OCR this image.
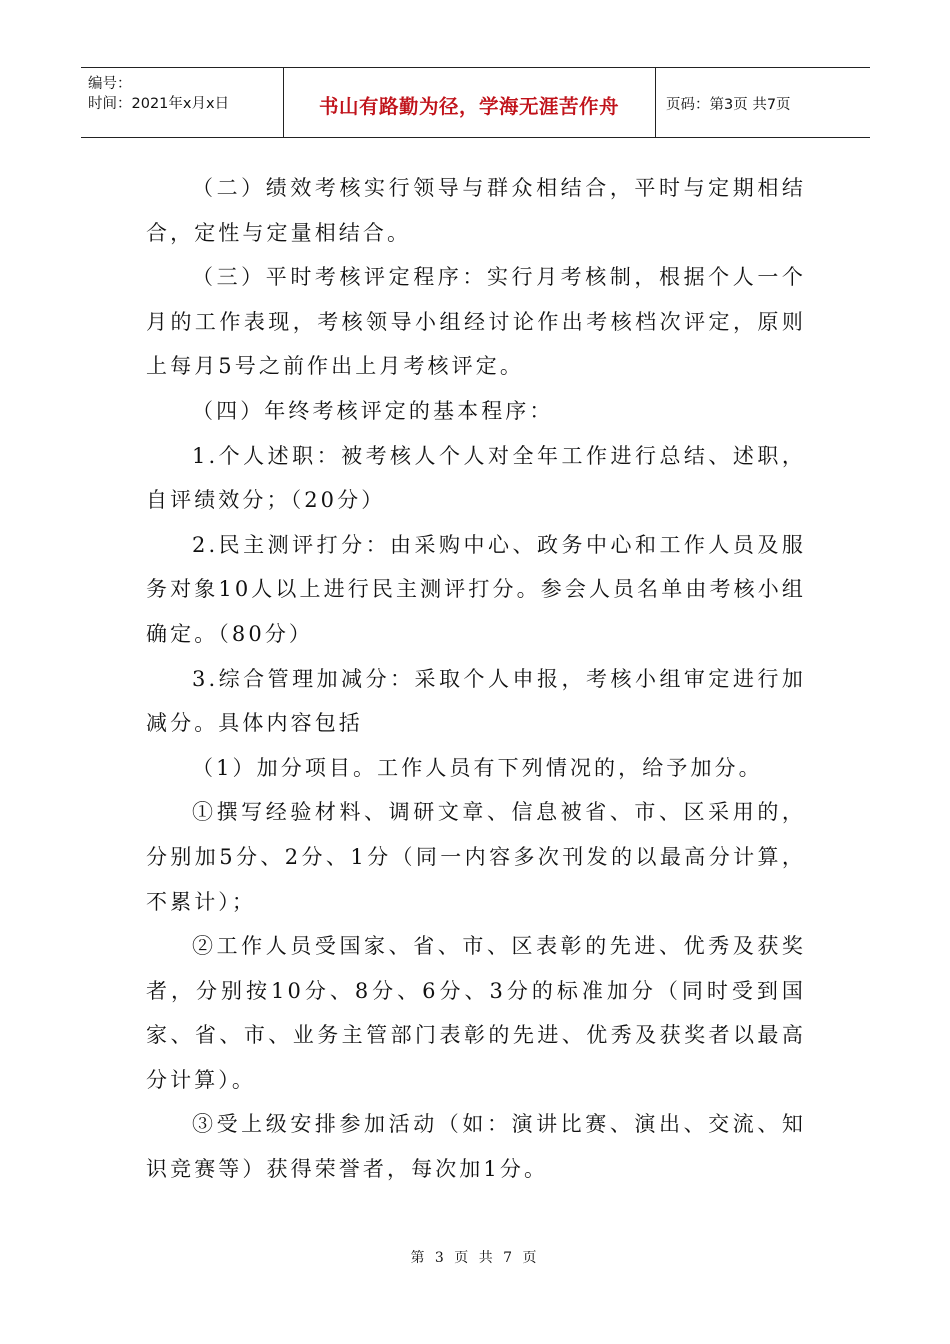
编号：
时间：2021年x月x日	书山有路勤为径，学海无涯苦作舟	页码：第3页 共7页

（二）绩效考核实行领导与群众相结合，平时与定期相结合，定性与定量相结合。

（三）平时考核评定程序：实行月考核制，根据个人一个月的工作表现，考核领导小组经讨论作出考核档次评定，原则上每月5号之前作出上月考核评定。

（四）年终考核评定的基本程序：

1.个人述职：被考核人个人对全年工作进行总结、述职，自评绩效分；（20分）

2.民主测评打分：由采购中心、政务中心和工作人员及服务对象10人以上进行民主测评打分。参会人员名单由考核小组确定。（80分）

3.综合管理加减分：采取个人申报，考核小组审定进行加减分。具体内容包括

（1）加分项目。工作人员有下列情况的，给予加分。

①撰写经验材料、调研文章、信息被省、市、区采用的，分别加5分、2分、1分（同一内容多次刊发的以最高分计算，不累计）；

②工作人员受国家、省、市、区表彰的先进、优秀及获奖者，分别按10分、8分、6分、3分的标准加分（同时受到国家、省、市、业务主管部门表彰的先进、优秀及获奖者以最高分计算）。

③受上级安排参加活动（如：演讲比赛、演出、交流、知识竞赛等）获得荣誉者，每次加1分。

第 3 页 共 7 页
